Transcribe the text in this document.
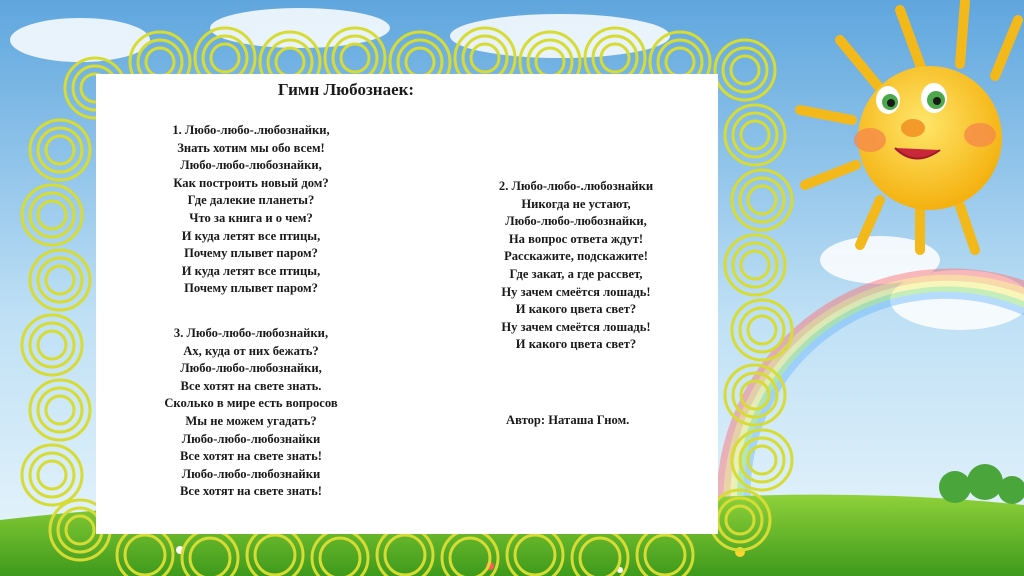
Гимн Любознаек:
1. Любо-любо-.любознайки,
Знать хотим мы обо всем!
Любо-любо-любознайки,
Как построить новый дом?
Где далекие планеты?
Что за книга и о чем?
И куда летят все птицы,
Почему плывет паром?
И куда летят все птицы,
Почему плывет паром?
3. Любо-любо-любознайки,
Ах, куда от них бежать?
Любо-любо-любознайки,
Все хотят на свете знать.
Сколько в мире есть вопросов
Мы не можем угадать?
Любо-любо-любознайки
Все хотят на свете знать!
Любо-любо-любознайки
Все хотят на свете знать!
2. Любо-любо-.любознайки
Никогда не устают,
Любо-любо-любознайки,
На вопрос ответа ждут!
Расскажите, подскажите!
Где закат, а где рассвет,
Ну зачем смеётся лошадь!
И какого цвета свет?
Ну зачем смеётся лошадь!
И какого цвета свет?
Автор: Наташа Гном.
